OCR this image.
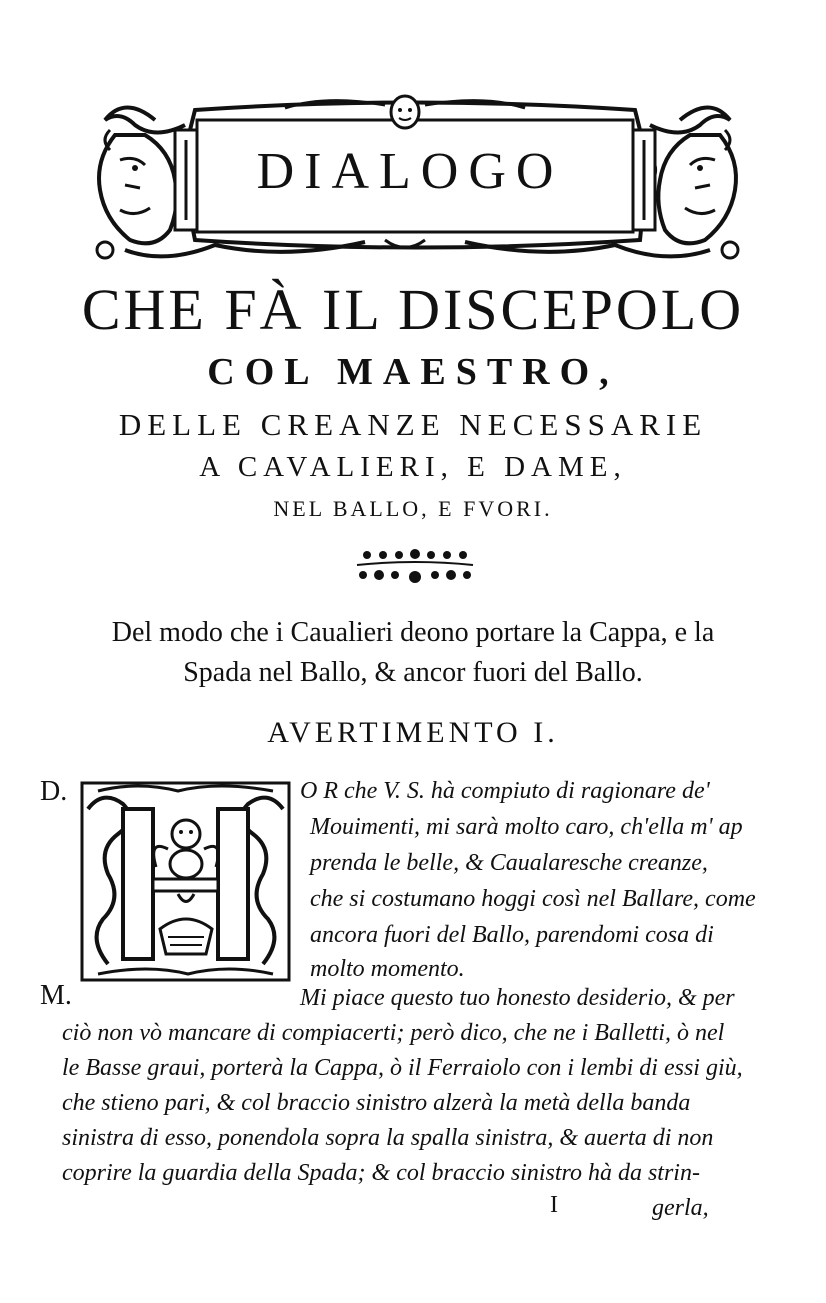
DIALOGO
CHE FÀ IL DISCEPOLO
COL MAESTRO,
DELLE CREANZE NECESSARIE
A CAVALIERI, E DAME,
NEL BALLO, E FVORI.
Del modo che i Caualieri deono portare la Cappa, e la
Spada nel Ballo, & ancor fuori del Ballo.
AVERTIMENTO I.
D.
M.
O R che V. S. hà compiuto di ragionare de'
Mouimenti, mi sarà molto caro, ch'ella m' ap
prenda le belle, & Caualaresche creanze,
che si costumano hoggi così nel Ballare, come
ancora fuori del Ballo, parendomi cosa di
molto momento.
Mi piace questo tuo honesto desiderio, & per
ciò non vò mancare di compiacerti; però dico, che ne i Balletti, ò nel
le Basse graui, porterà la Cappa, ò il Ferraiolo con i lembi di essi giù,
che stieno pari, & col braccio sinistro alzerà la metà della banda
sinistra di esso, ponendola sopra la spalla sinistra, & auerta di non
coprire la guardia della Spada; & col braccio sinistro hà da strin-
I	gerla,
